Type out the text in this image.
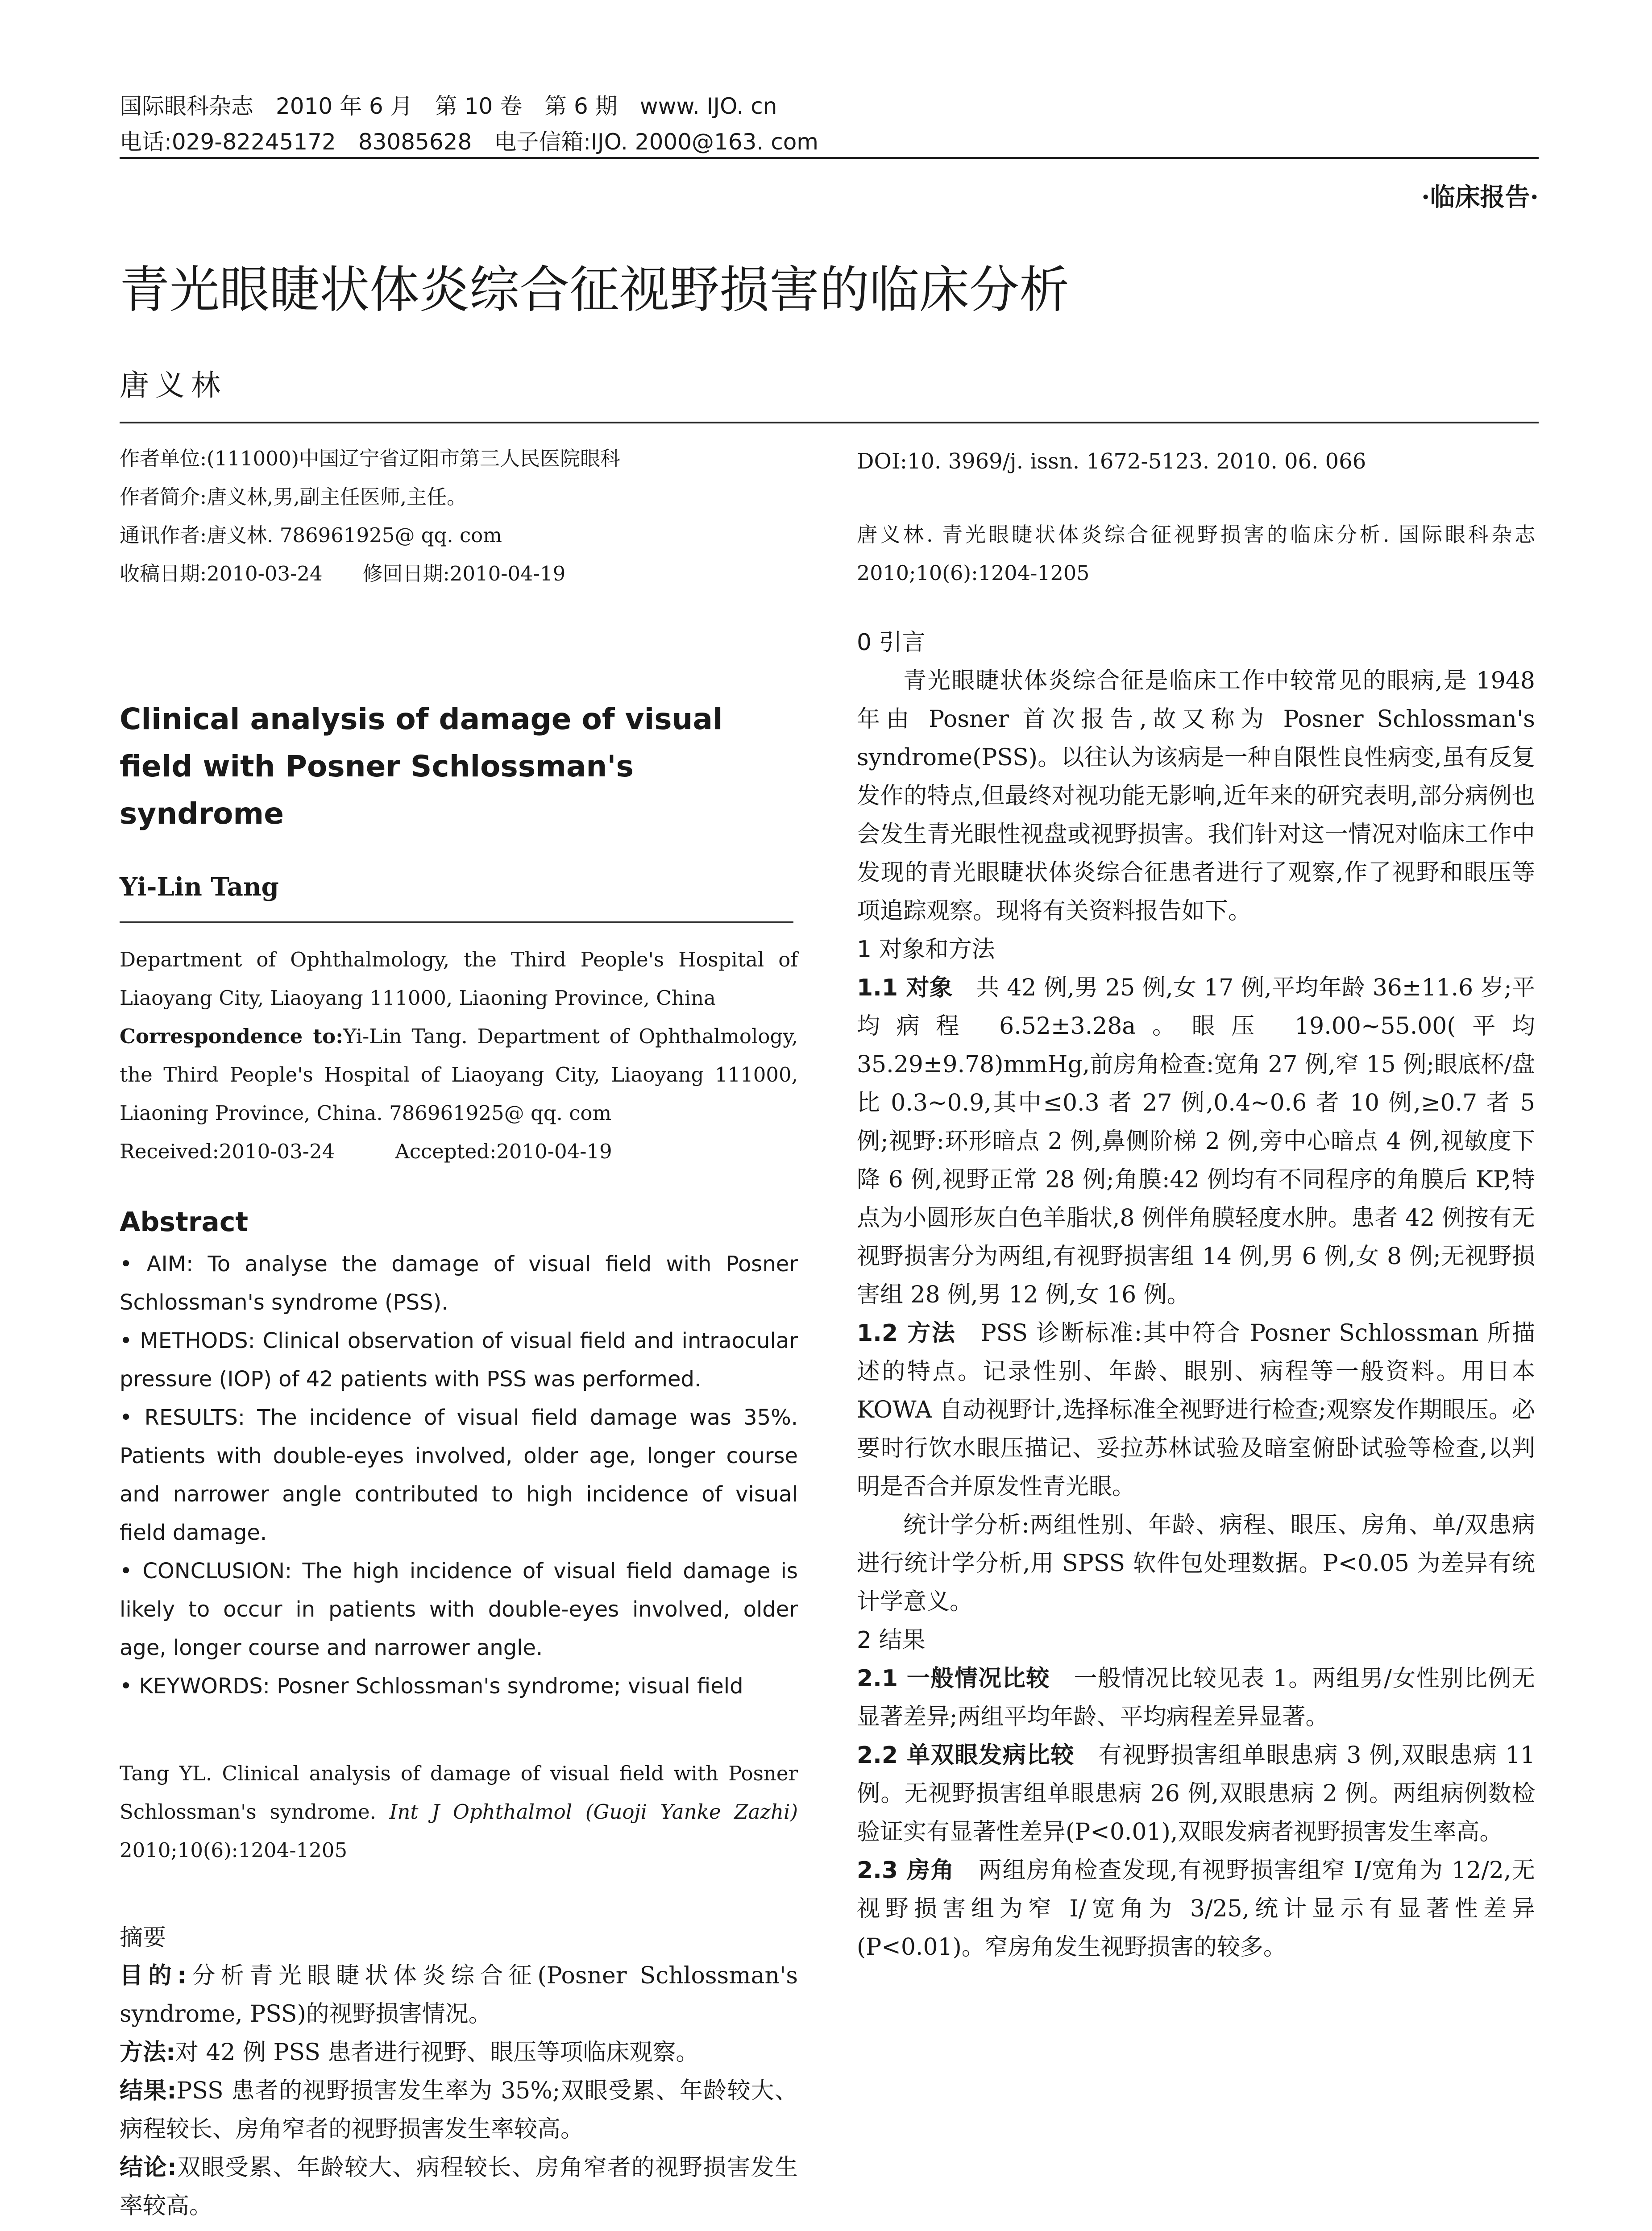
国际眼科杂志　2010 年 6 月　第 10 卷　第 6 期　www. IJO. cn
电话:029-82245172　83085628　电子信箱:IJO. 2000@163. com
·临床报告·
青光眼睫状体炎综合征视野损害的临床分析
唐义林
作者单位:(111000)中国辽宁省辽阳市第三人民医院眼科
作者简介:唐义林,男,副主任医师,主任。
通讯作者:唐义林. 786961925@ qq. com
收稿日期:2010-03-24　　修回日期:2010-04-19
Clinical analysis of damage of visual field with Posner Schlossman's syndrome
Yi-Lin Tang
Department of Ophthalmology, the Third People's Hospital of Liaoyang City, Liaoyang 111000, Liaoning Province, China
Correspondence to:Yi-Lin Tang. Department of Ophthalmology, the Third People's Hospital of Liaoyang City, Liaoyang 111000, Liaoning Province, China. 786961925@ qq. com
Received:2010-03-24　　　Accepted:2010-04-19
Abstract
• AIM: To analyse the damage of visual field with Posner Schlossman's syndrome (PSS).
• METHODS: Clinical observation of visual field and intraocular pressure (IOP) of 42 patients with PSS was performed.
• RESULTS: The incidence of visual field damage was 35%. Patients with double-eyes involved, older age, longer course and narrower angle contributed to high incidence of visual field damage.
• CONCLUSION: The high incidence of visual field damage is likely to occur in patients with double-eyes involved, older age, longer course and narrower angle.
• KEYWORDS: Posner Schlossman's syndrome; visual field
Tang YL. Clinical analysis of damage of visual field with Posner Schlossman's syndrome. Int J Ophthalmol (Guoji Yanke Zazhi) 2010;10(6):1204-1205
摘要
目的:分析青光眼睫状体炎综合征(Posner Schlossman's syndrome, PSS)的视野损害情况。
方法:对 42 例 PSS 患者进行视野、眼压等项临床观察。
结果:PSS 患者的视野损害发生率为 35%;双眼受累、年龄较大、病程较长、房角窄者的视野损害发生率较高。
结论:双眼受累、年龄较大、病程较长、房角窄者的视野损害发生率较高。
DOI:10. 3969/j. issn. 1672-5123. 2010. 06. 066
唐义林. 青光眼睫状体炎综合征视野损害的临床分析. 国际眼科杂志 2010;10(6):1204-1205
0 引言
青光眼睫状体炎综合征是临床工作中较常见的眼病,是 1948 年由 Posner 首次报告,故又称为 Posner Schlossman's syndrome(PSS)。以往认为该病是一种自限性良性病变,虽有反复发作的特点,但最终对视功能无影响,近年来的研究表明,部分病例也会发生青光眼性视盘或视野损害。我们针对这一情况对临床工作中发现的青光眼睫状体炎综合征患者进行了观察,作了视野和眼压等项追踪观察。现将有关资料报告如下。
1 对象和方法
1.1 对象　 共 42 例,男 25 例,女 17 例,平均年龄 36±11.6 岁;平均病程 6.52±3.28a。眼压 19.00~55.00(平均 35.29±9.78)mmHg,前房角检查:宽角 27 例,窄 15 例;眼底杯/盘比 0.3~0.9,其中≤0.3 者 27 例,0.4~0.6 者 10 例,≥0.7 者 5 例;视野:环形暗点 2 例,鼻侧阶梯 2 例,旁中心暗点 4 例,视敏度下降 6 例,视野正常 28 例;角膜:42 例均有不同程序的角膜后 KP,特点为小圆形灰白色羊脂状,8 例伴角膜轻度水肿。患者 42 例按有无视野损害分为两组,有视野损害组 14 例,男 6 例,女 8 例;无视野损害组 28 例,男 12 例,女 16 例。
1.2 方法　 PSS 诊断标准:其中符合 Posner Schlossman 所描述的特点。记录性别、年龄、眼别、病程等一般资料。用日本 KOWA 自动视野计,选择标准全视野进行检查;观察发作期眼压。必要时行饮水眼压描记、妥拉苏林试验及暗室俯卧试验等检查,以判明是否合并原发性青光眼。
统计学分析:两组性别、年龄、病程、眼压、房角、单/双患病进行统计学分析,用 SPSS 软件包处理数据。P<0.05 为差异有统计学意义。
2 结果
2.1 一般情况比较　 一般情况比较见表 1。两组男/女性别比例无显著差异;两组平均年龄、平均病程差异显著。
2.2 单双眼发病比较　 有视野损害组单眼患病 3 例,双眼患病 11 例。无视野损害组单眼患病 26 例,双眼患病 2 例。两组病例数检验证实有显著性差异(P<0.01),双眼发病者视野损害发生率高。
2.3 房角　 两组房角检查发现,有视野损害组窄 I/宽角为 12/2,无视野损害组为窄 I/宽角为 3/25,统计显示有显著性差异(P<0.01)。窄房角发生视野损害的较多。
